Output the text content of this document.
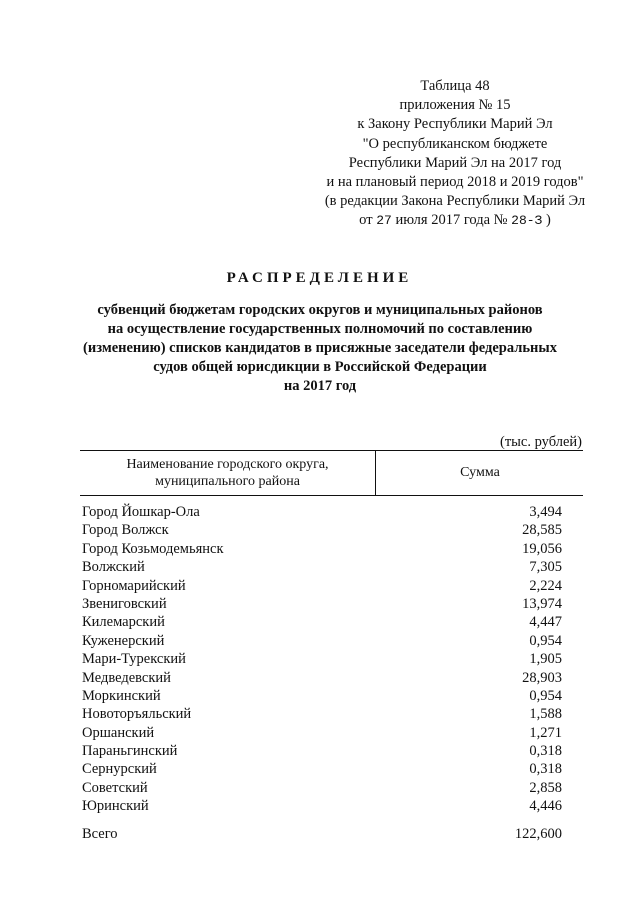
Таблица 48
приложения № 15
к Закону Республики Марий Эл
"О республиканском бюджете
Республики Марий Эл на 2017 год
и на плановый период 2018 и 2019 годов"
(в редакции Закона Республики Марий Эл
от 27 июля 2017 года № 28-З )
РАСПРЕДЕЛЕНИЕ
субвенций бюджетам городских округов и муниципальных районов
на осуществление государственных полномочий по составлению
(изменению) списков кандидатов в присяжные заседатели федеральных
судов общей юрисдикции в Российской Федерации
на 2017 год
(тыс. рублей)
Наименование городского округа,
муниципального района
Сумма
Город Йошкар-Ола	3,494
Город Волжск	28,585
Город Козьмодемьянск	19,056
Волжский	7,305
Горномарийский	2,224
Звениговский	13,974
Килемарский	4,447
Куженерский	0,954
Мари-Турекский	1,905
Медведевский	28,903
Моркинский	0,954
Новоторъяльский	1,588
Оршанский	1,271
Параньгинский	0,318
Сернурский	0,318
Советский	2,858
Юринский	4,446
Всего	122,600
